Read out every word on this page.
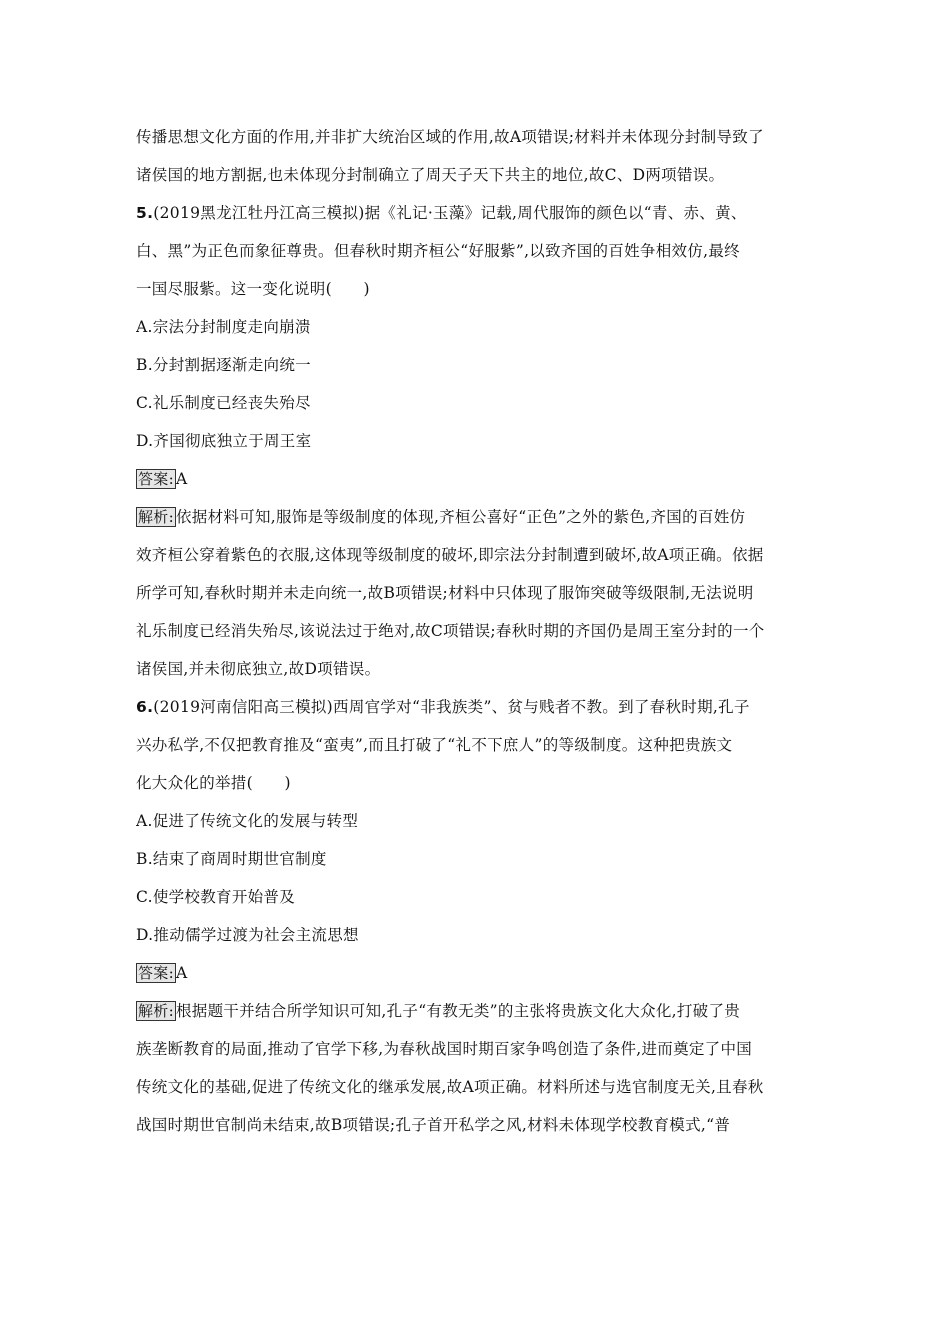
传播思想文化方面的作用,并非扩大统治区域的作用,故A项错误;材料并未体现分封制导致了
诸侯国的地方割据,也未体现分封制确立了周天子天下共主的地位,故C、D两项错误。
5.(2019黑龙江牡丹江高三模拟)据《礼记·玉藻》记载,周代服饰的颜色以“青、赤、黄、
白、黑”为正色而象征尊贵。但春秋时期齐桓公“好服紫”,以致齐国的百姓争相效仿,最终
一国尽服紫。这一变化说明(　　)
A.宗法分封制度走向崩溃
B.分封割据逐渐走向统一
C.礼乐制度已经丧失殆尽
D.齐国彻底独立于周王室
答案: A
解析: 依据材料可知,服饰是等级制度的体现,齐桓公喜好“正色”之外的紫色,齐国的百姓仿
效齐桓公穿着紫色的衣服,这体现等级制度的破坏,即宗法分封制遭到破坏,故A项正确。依据
所学可知,春秋时期并未走向统一,故B项错误;材料中只体现了服饰突破等级限制,无法说明
礼乐制度已经消失殆尽,该说法过于绝对,故C项错误;春秋时期的齐国仍是周王室分封的一个
诸侯国,并未彻底独立,故D项错误。
6.(2019河南信阳高三模拟)西周官学对“非我族类”、贫与贱者不教。到了春秋时期,孔子
兴办私学,不仅把教育推及“蛮夷”,而且打破了“礼不下庶人”的等级制度。这种把贵族文
化大众化的举措(　　)
A.促进了传统文化的发展与转型
B.结束了商周时期世官制度
C.使学校教育开始普及
D.推动儒学过渡为社会主流思想
答案: A
解析: 根据题干并结合所学知识可知,孔子“有教无类”的主张将贵族文化大众化,打破了贵
族垄断教育的局面,推动了官学下移,为春秋战国时期百家争鸣创造了条件,进而奠定了中国
传统文化的基础,促进了传统文化的继承发展,故A项正确。材料所述与选官制度无关,且春秋
战国时期世官制尚未结束,故B项错误;孔子首开私学之风,材料未体现学校教育模式,“普
